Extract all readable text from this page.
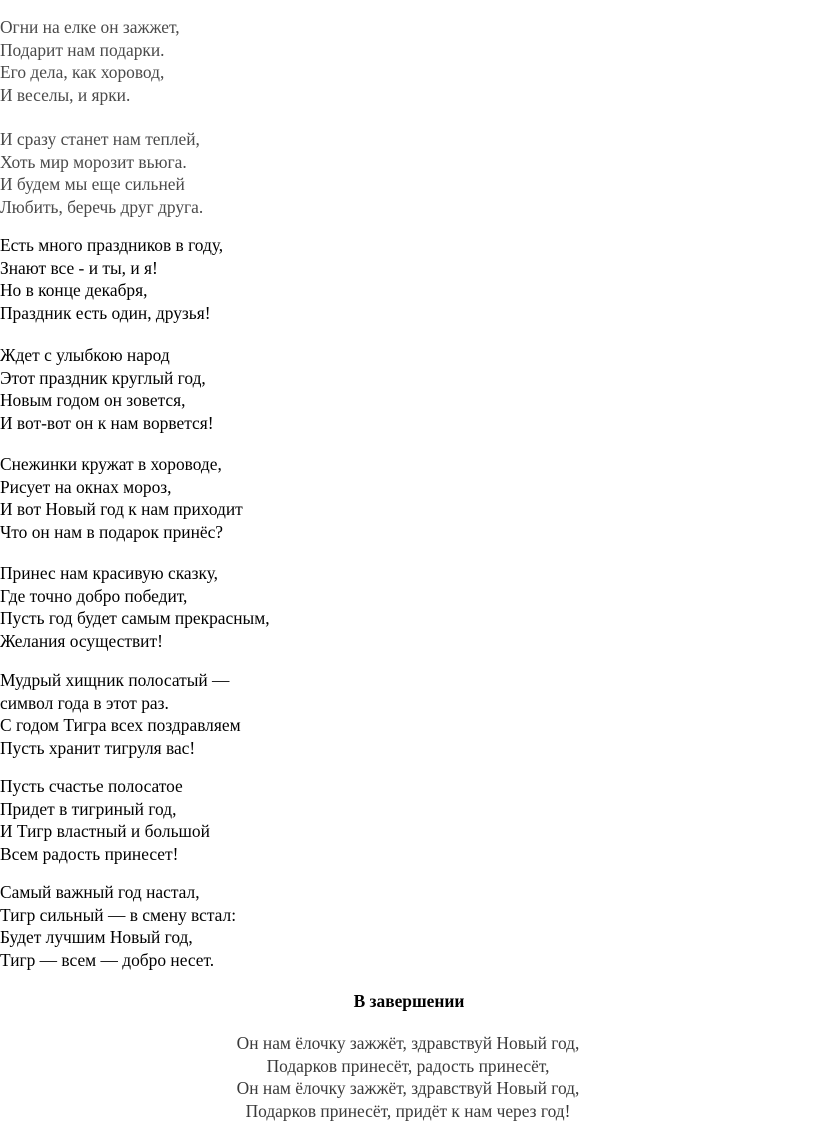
Огни на елке он зажжет,
Подарит нам подарки.
Его дела, как хоровод,
И веселы, и ярки.
И сразу станет нам теплей,
Хоть мир морозит вьюга.
И будем мы еще сильней
Любить, беречь друг друга.
Есть много праздников в году,
Знают все - и ты, и я!
Но в конце декабря,
Праздник есть один, друзья!
Ждет с улыбкою народ
Этот праздник круглый год,
Новым годом он зовется,
И вот-вот он к нам ворвется!
Снежинки кружат в хороводе,
Рисует на окнах мороз,
И вот Новый год к нам приходит
Что он нам в подарок принёс?
Принес нам красивую сказку,
Где точно добро победит,
Пусть год будет самым прекрасным,
Желания осуществит!
Мудрый хищник полосатый —
символ года в этот раз.
С годом Тигра всех поздравляем
Пусть хранит тигруля вас!
Пусть счастье полосатое
Придет в тигриный год,
И Тигр властный и большой
Всем радость принесет!
Самый важный год настал,
Тигр сильный — в смену встал:
Будет лучшим Новый год,
Тигр — всем — добро несет.
В завершении
Он нам ёлочку зажжёт, здравствуй Новый год,
Подарков принесёт, радость принесёт,
Он нам ёлочку зажжёт, здравствуй Новый год,
Подарков принесёт, придёт к нам через год!
